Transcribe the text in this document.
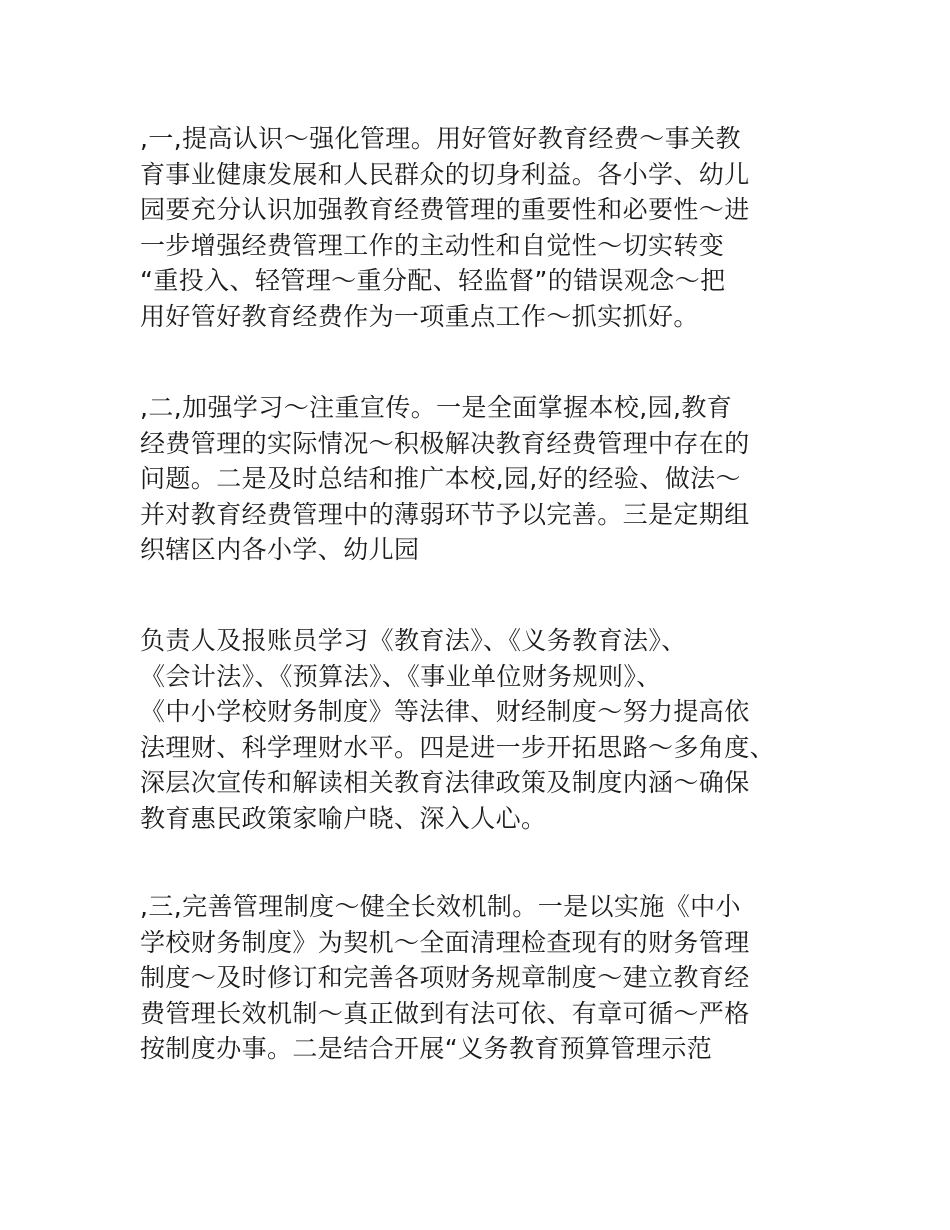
,一,提高认识～强化管理。用好管好教育经费～事关教
育事业健康发展和人民群众的切身利益。各小学、幼儿
园要充分认识加强教育经费管理的重要性和必要性～进
一步增强经费管理工作的主动性和自觉性～切实转变
“重投入、轻管理～重分配、轻监督”的错误观念～把
用好管好教育经费作为一项重点工作～抓实抓好。
,二,加强学习～注重宣传。一是全面掌握本校,园,教育
经费管理的实际情况～积极解决教育经费管理中存在的
问题。二是及时总结和推广本校,园,好的经验、做法～
并对教育经费管理中的薄弱环节予以完善。三是定期组
织辖区内各小学、幼儿园
负责人及报账员学习《教育法》、《义务教育法》、
《会计法》、《预算法》、《事业单位财务规则》、
《中小学校财务制度》等法律、财经制度～努力提高依
法理财、科学理财水平。四是进一步开拓思路～多角度、
深层次宣传和解读相关教育法律政策及制度内涵～确保
教育惠民政策家喻户晓、深入人心。
,三,完善管理制度～健全长效机制。一是以实施《中小
学校财务制度》为契机～全面清理检查现有的财务管理
制度～及时修订和完善各项财务规章制度～建立教育经
费管理长效机制～真正做到有法可依、有章可循～严格
按制度办事。二是结合开展“义务教育预算管理示范
